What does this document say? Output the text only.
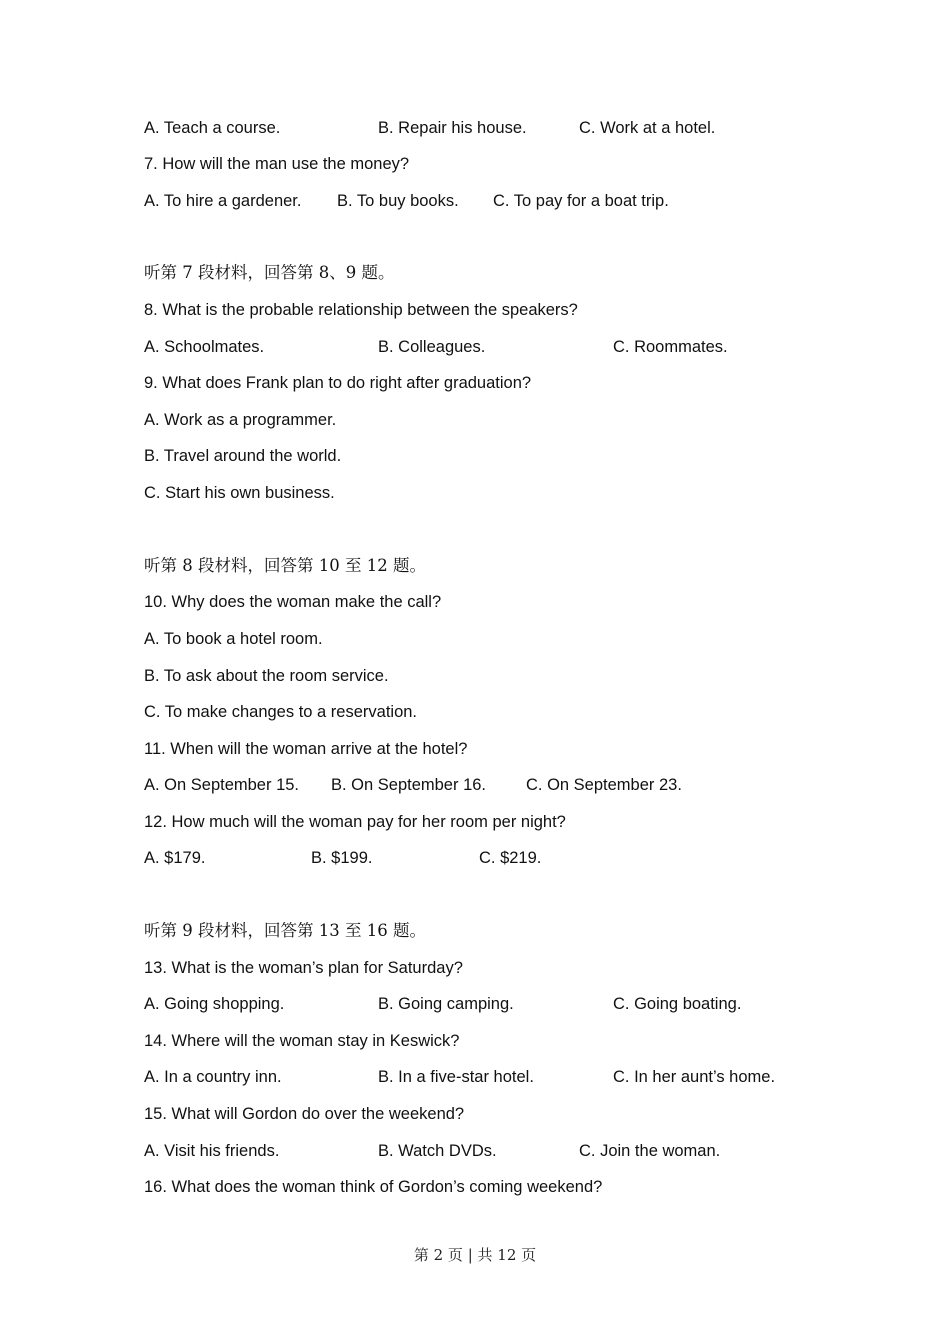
A. Teach a course.	B. Repair his house.	C. Work at a hotel.
7. How will the man use the money?
A. To hire a gardener. B. To buy books. C. To pay for a boat trip.
听第 7 段材料，回答第 8、9 题。
8. What is the probable relationship between the speakers?
A. Schoolmates.	B. Colleagues.	C. Roommates.
9. What does Frank plan to do right after graduation?
A. Work as a programmer.
B. Travel around the world.
C. Start his own business.
听第 8 段材料，回答第 10 至 12 题。
10. Why does the woman make the call?
A. To book a hotel room.
B. To ask about the room service.
C. To make changes to a reservation.
11. When will the woman arrive at the hotel?
A. On September 15. B. On September 16. C. On September 23.
12. How much will the woman pay for her room per night?
A. $179.	B. $199.	C. $219.
听第 9 段材料，回答第 13 至 16 题。
13. What is the woman’s plan for Saturday?
A. Going shopping.	B. Going camping.	C. Going boating.
14. Where will the woman stay in Keswick?
A. In a country inn.	B. In a five-star hotel.	C. In her aunt’s home.
15. What will Gordon do over the weekend?
A. Visit his friends.	B. Watch DVDs.	C. Join the woman.
16. What does the woman think of Gordon’s coming weekend?
第 2 页 | 共 12 页
